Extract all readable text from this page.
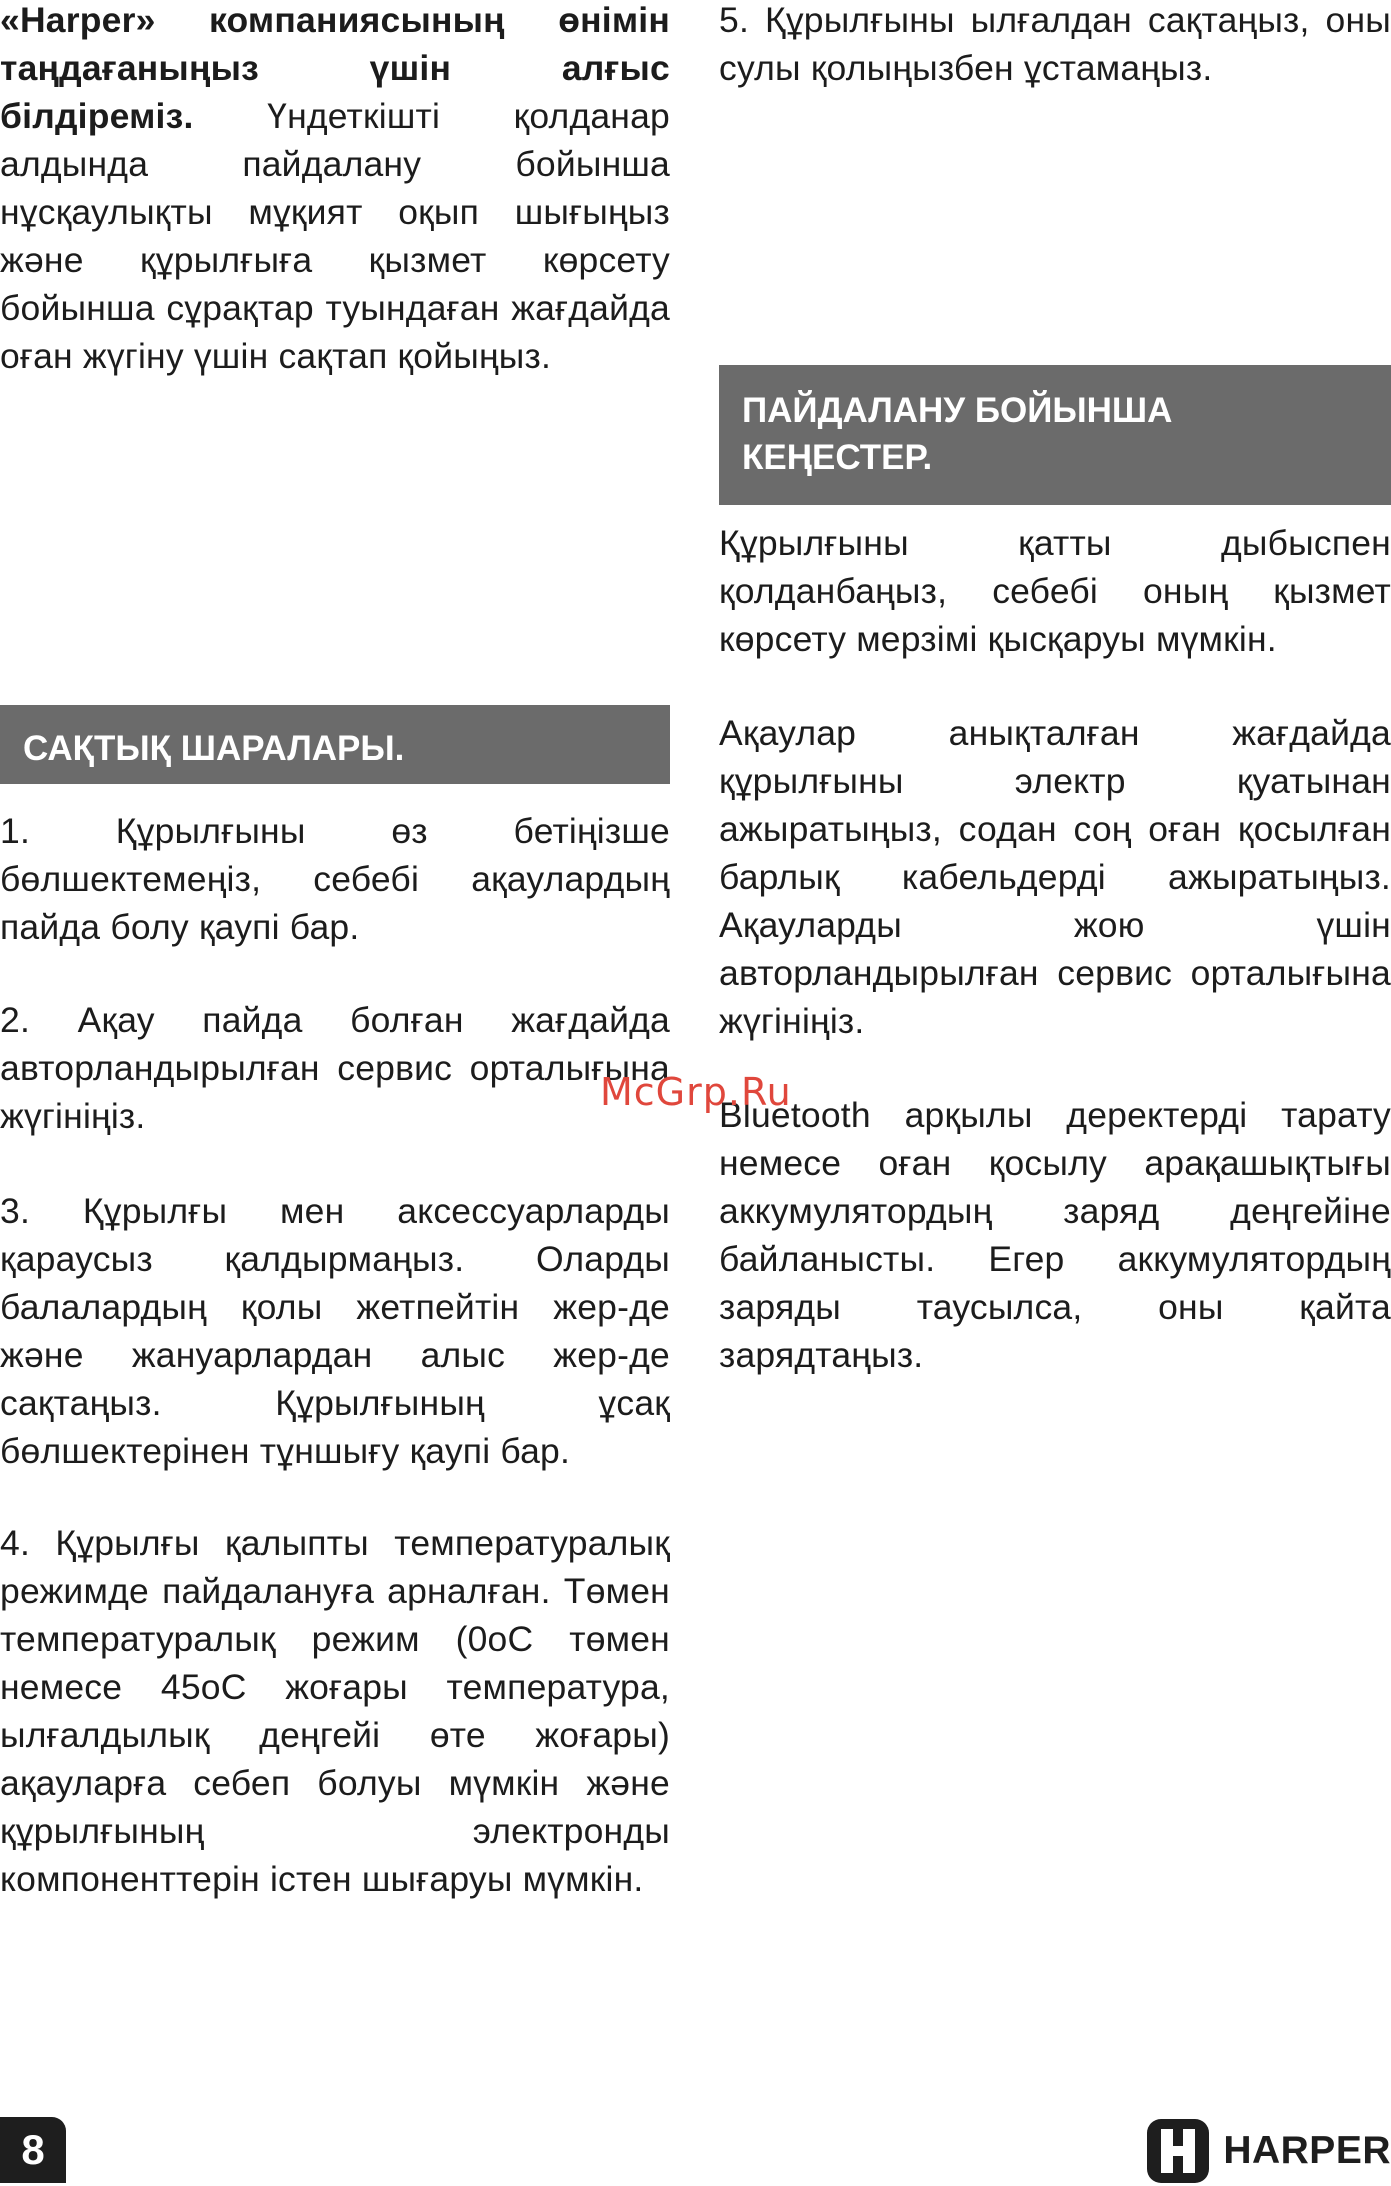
«Harper» компаниясының өнімін таңдағаныңыз үшін алғыс білдіреміз. Үндеткішті қолданар алдында пайдалану бойынша нұсқаулықты мұқият оқып шығыңыз және құрылғыға қызмет көрсету бойынша сұрақтар туындаған жағдайда оған жүгіну үшін сақтап қойыңыз.

САҚТЫҚ ШАРАЛАРЫ.

1. Құрылғыны өз бетіңізше бөлшектемеңіз, себебі ақаулардың пайда болу қаупі бар.

2. Ақау пайда болған жағдайда авторландырылған сервис орталығына жүгініңіз.

3. Құрылғы мен аксессуарларды қараусыз қалдырмаңыз. Оларды балалардың қолы жетпейтін жер-де және жануарлардан алыс жер-де сақтаңыз. Құрылғының ұсақ бөлшектерінен тұншығу қаупі бар.

4. Құрылғы қалыпты температуралық режимде пайдалануға арналған. Төмен температуралық режим (0оС төмен немесе 45оС жоғары температура, ылғалдылық деңгейі өте жоғары) ақауларға себеп болуы мүмкін және құрылғының электронды компоненттерін істен шығаруы мүмкін.

5. Құрылғыны ылғалдан сақтаңыз, оны сулы қолыңызбен ұстамаңыз.

ПАЙДАЛАНУ БОЙЫНША
КЕҢЕСТЕР.

Құрылғыны қатты дыбыспен қолданбаңыз, себебі оның қызмет көрсету мерзімі қысқаруы мүмкін.

Ақаулар анықталған жағдайда құрылғыны электр қуатынан ажыратыңыз, содан соң оған қосылған барлық кабельдерді ажыратыңыз. Ақауларды жою үшін авторландырылған сервис орталығына жүгініңіз.

Bluetooth арқылы деректерді тарату немесе оған қосылу арақашықтығы аккумулятордың заряд деңгейіне байланысты. Егер аккумулятордың заряды таусылса, оны қайта зарядтаңыз.

McGrp.Ru
8	HARPER
